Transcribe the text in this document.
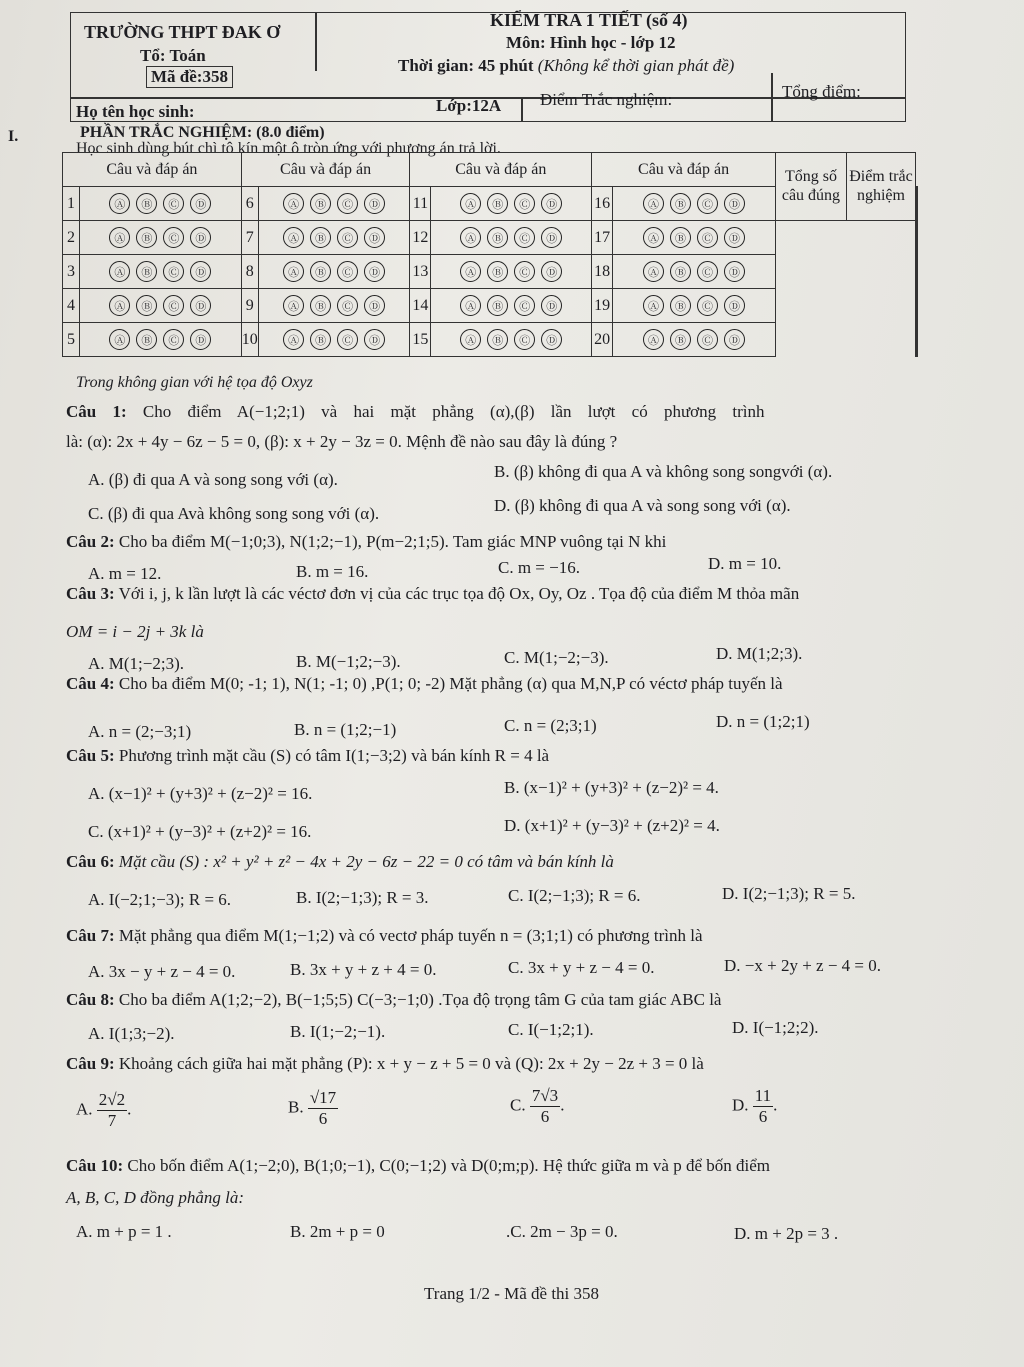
TRƯỜNG THPT ĐAK Ơ
Tổ: Toán
Mã đề:358
KIỂM TRA 1 TIẾT (số 4)
Môn: Hình học - lớp 12
Thời gian: 45 phút (Không kể thời gian phát đề)
Họ tên học sinh:	Lớp:12A Điểm Trắc nghiệm:	Tổng điểm:
I.	PHẦN TRẮC NGHIỆM: (8.0 điểm)
Học sinh dùng bút chì tô kín một ô tròn ứng với phương án trả lời.
Câu và đáp án		Câu và đáp án		Câu và đáp án		Câu và đáp án		Tổng số câu đúng	Điểm trắc nghiệm	
1	Ⓐ Ⓑ Ⓒ Ⓓ	6	Ⓐ Ⓑ Ⓒ Ⓓ	11	Ⓐ Ⓑ Ⓒ Ⓓ	16	Ⓐ Ⓑ Ⓒ Ⓓ			
2	Ⓐ Ⓑ Ⓒ Ⓓ	7	Ⓐ Ⓑ Ⓒ Ⓓ	12	Ⓐ Ⓑ Ⓒ Ⓓ	17	Ⓐ Ⓑ Ⓒ Ⓓ			
3	Ⓐ Ⓑ Ⓒ Ⓓ	8	Ⓐ Ⓑ Ⓒ Ⓓ	13	Ⓐ Ⓑ Ⓒ Ⓓ	18	Ⓐ Ⓑ Ⓒ Ⓓ			
4	Ⓐ Ⓑ Ⓒ Ⓓ	9	Ⓐ Ⓑ Ⓒ Ⓓ	14	Ⓐ Ⓑ Ⓒ Ⓓ	19	Ⓐ Ⓑ Ⓒ Ⓓ			
5	Ⓐ Ⓑ Ⓒ Ⓓ	10	Ⓐ Ⓑ Ⓒ Ⓓ	15	Ⓐ Ⓑ Ⓒ Ⓓ	20	Ⓐ Ⓑ Ⓒ Ⓓ			
Trong không gian với hệ tọa độ Oxyz
Câu 1: Cho điểm A(−1;2;1) và hai mặt phẳng (α),(β) lần lượt có phương trình
là: (α): 2x + 4y − 6z − 5 = 0, (β): x + 2y − 3z = 0. Mệnh đề nào sau đây là đúng ?
A. (β) đi qua A và song song với (α).	B. (β) không đi qua A và không song songvới (α).
C. (β) đi qua Avà không song song với (α).	D. (β) không đi qua A và song song với (α).
Câu 2: Cho ba điểm M(−1;0;3), N(1;2;−1), P(m−2;1;5). Tam giác MNP vuông tại N khi
A. m = 12.	B. m = 16.	C. m = −16.	D. m = 10.
Câu 3: Với i, j, k lần lượt là các véctơ đơn vị của các trục tọa độ Ox, Oy, Oz . Tọa độ của điểm M thỏa mãn
OM = i − 2j + 3k là
A. M(1;−2;3).	B. M(−1;2;−3).	C. M(1;−2;−3).	D. M(1;2;3).
Câu 4: Cho ba điểm M(0; -1; 1), N(1; -1; 0) ,P(1; 0; -2) Mặt phẳng (α) qua M,N,P có véctơ pháp tuyến là
A. n = (2;−3;1)	B. n = (1;2;−1)	C. n = (2;3;1)	D. n = (1;2;1)
Câu 5: Phương trình mặt cầu (S) có tâm I(1;−3;2) và bán kính R = 4 là
A. (x−1)² + (y+3)² + (z−2)² = 16.	B. (x−1)² + (y+3)² + (z−2)² = 4.
C. (x+1)² + (y−3)² + (z+2)² = 16.	D. (x+1)² + (y−3)² + (z+2)² = 4.
Câu 6: Mặt cầu (S) : x² + y² + z² − 4x + 2y − 6z − 22 = 0 có tâm và bán kính là
A. I(−2;1;−3); R = 6.	B. I(2;−1;3); R = 3.	C. I(2;−1;3); R = 6.	D. I(2;−1;3); R = 5.
Câu 7: Mặt phẳng qua điểm M(1;−1;2) và có vectơ pháp tuyến n = (3;1;1) có phương trình là
A. 3x − y + z − 4 = 0.	B. 3x + y + z + 4 = 0.	C. 3x + y + z − 4 = 0.	D. −x + 2y + z − 4 = 0.
Câu 8: Cho ba điểm A(1;2;−2), B(−1;5;5) C(−3;−1;0) .Tọa độ trọng tâm G của tam giác ABC là
A. I(1;3;−2).	B. I(1;−2;−1).	C. I(−1;2;1).	D. I(−1;2;2).
Câu 9: Khoảng cách giữa hai mặt phẳng (P): x + y − z + 5 = 0 và (Q): 2x + 2y − 2z + 3 = 0 là
A. $\frac{2√2}{7}$ .	B. $\frac{√17}{6}$	C. $\frac{7√3}{6}$ .	D. $\frac{11}{6}$ .
Câu 10: Cho bốn điểm A(1;−2;0), B(1;0;−1), C(0;−1;2) và D(0;m;p). Hệ thức giữa m và p để bốn điểm
A, B, C, D đồng phẳng là:
A. m + p = 1 .	B. 2m + p = 0	.C. 2m − 3p = 0.	D. m + 2p = 3 .
Trang 1/2 - Mã đề thi 358
